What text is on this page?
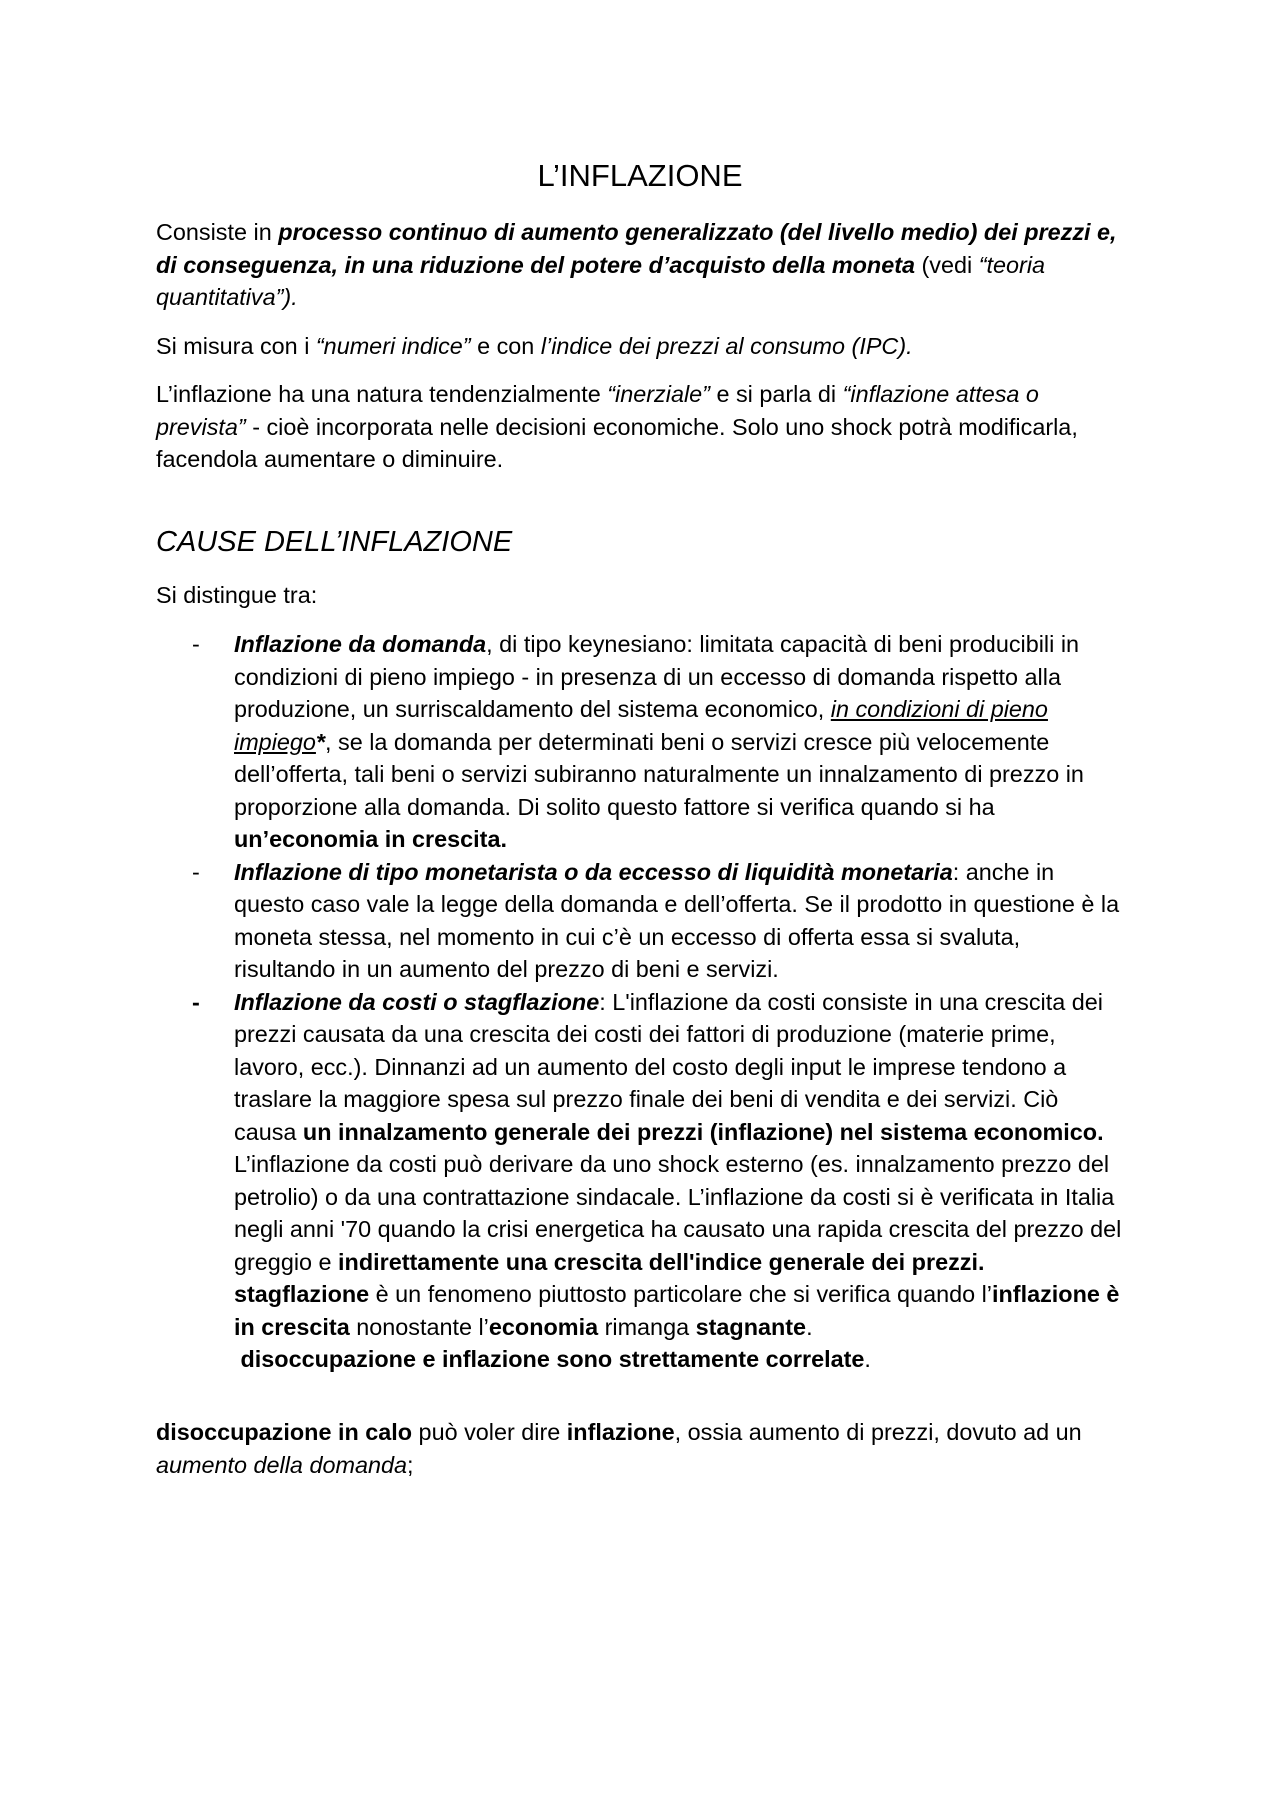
L’INFLAZIONE

Consiste in processo continuo di aumento generalizzato (del livello medio) dei prezzi e, di conseguenza, in una riduzione del potere d’acquisto della moneta (vedi “teoria quantitativa”).

Si misura con i “numeri indice” e con l’indice dei prezzi al consumo (IPC).

L’inflazione ha una natura tendenzialmente “inerziale” e si parla di “inflazione attesa o prevista” - cioè incorporata nelle decisioni economiche. Solo uno shock potrà modificarla, facendola aumentare o diminuire.

CAUSE DELL’INFLAZIONE

Si distingue tra:

- Inflazione da domanda, di tipo keynesiano: limitata capacità di beni producibili in condizioni di pieno impiego - in presenza di un eccesso di domanda rispetto alla produzione, un surriscaldamento del sistema economico, in condizioni di pieno impiego*, se la domanda per determinati beni o servizi cresce più velocemente dell’offerta, tali beni o servizi subiranno naturalmente un innalzamento di prezzo in proporzione alla domanda. Di solito questo fattore si verifica quando si ha un’economia in crescita.
- Inflazione di tipo monetarista o da eccesso di liquidità monetaria: anche in questo caso vale la legge della domanda e dell’offerta. Se il prodotto in questione è la moneta stessa, nel momento in cui c’è un eccesso di offerta essa si svaluta, risultando in un aumento del prezzo di beni e servizi.
- Inflazione da costi o stagflazione: L'inflazione da costi consiste in una crescita dei prezzi causata da una crescita dei costi dei fattori di produzione (materie prime, lavoro, ecc.). Dinnanzi ad un aumento del costo degli input le imprese tendono a traslare la maggiore spesa sul prezzo finale dei beni di vendita e dei servizi. Ciò causa un innalzamento generale dei prezzi (inflazione) nel sistema economico. L’inflazione da costi può derivare da uno shock esterno (es. innalzamento prezzo del petrolio) o da una contrattazione sindacale. L’inflazione da costi si è verificata in Italia negli anni '70 quando la crisi energetica ha causato una rapida crescita del prezzo del greggio e indirettamente una crescita dell'indice generale dei prezzi.
stagflazione è un fenomeno piuttosto particolare che si verifica quando l’inflazione è in crescita nonostante l’economia rimanga stagnante.
disoccupazione e inflazione sono strettamente correlate.

disoccupazione in calo può voler dire inflazione, ossia aumento di prezzi, dovuto ad un aumento della domanda;
